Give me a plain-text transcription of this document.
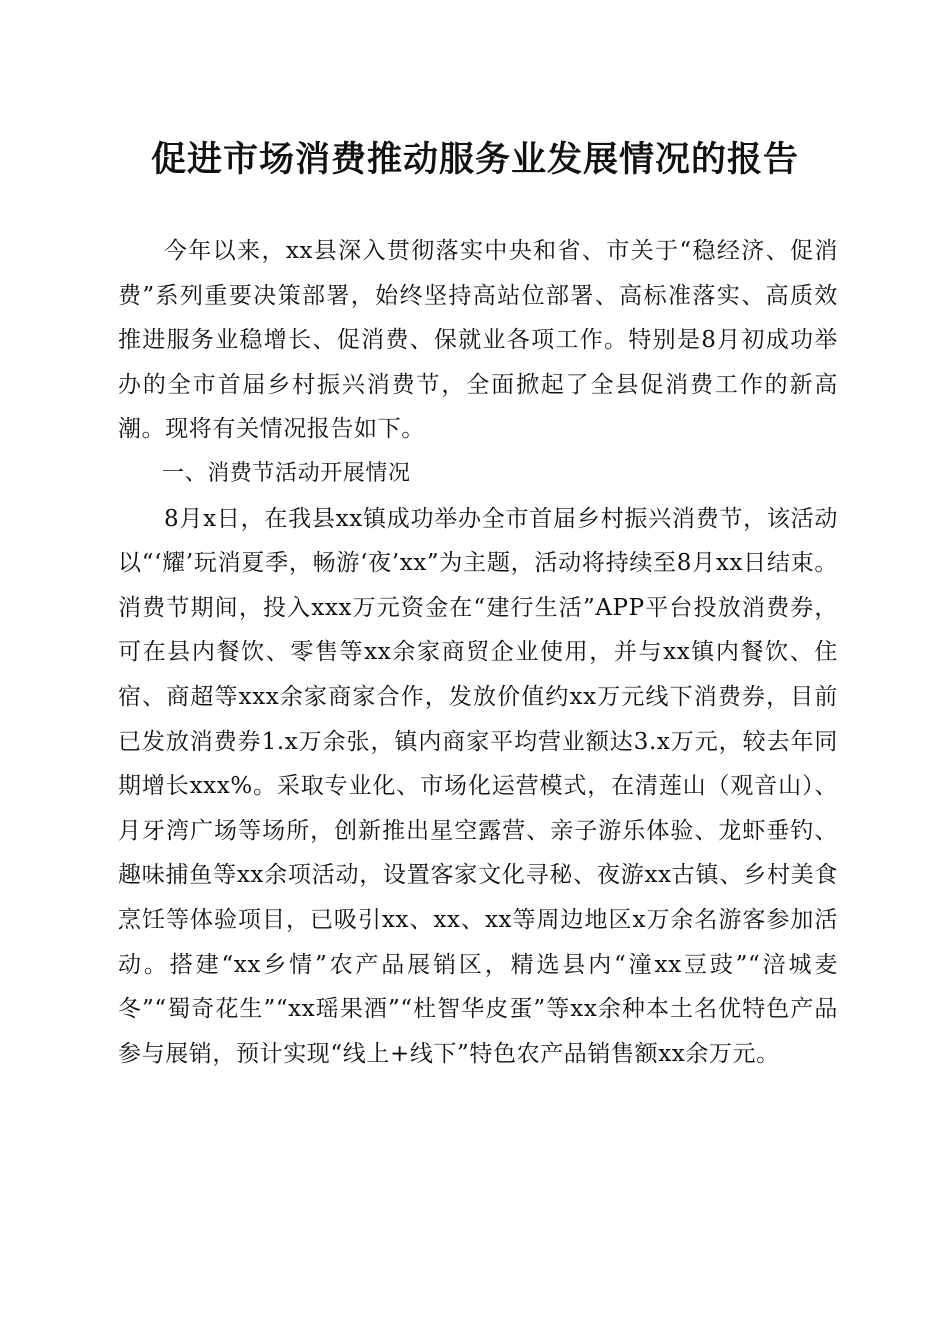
促进市场消费推动服务业发展情况的报告

今年以来，xx县深入贯彻落实中央和省、市关于“稳经济、促消费”系列重要决策部署，始终坚持高站位部署、高标准落实、高质效推进服务业稳增长、促消费、保就业各项工作。特别是8月初成功举办的全市首届乡村振兴消费节，全面掀起了全县促消费工作的新高潮。现将有关情况报告如下。

一、消费节活动开展情况

8月x日，在我县xx镇成功举办全市首届乡村振兴消费节，该活动以“‘耀’玩消夏季，畅游‘夜’xx”为主题，活动将持续至8月xx日结束。消费节期间，投入xxx万元资金在“建行生活”APP平台投放消费券，可在县内餐饮、零售等xx余家商贸企业使用，并与xx镇内餐饮、住宿、商超等xxx余家商家合作，发放价值约xx万元线下消费券，目前已发放消费券1.x万余张，镇内商家平均营业额达3.x万元，较去年同期增长xxx%。采取专业化、市场化运营模式，在清莲山（观音山）、月牙湾广场等场所，创新推出星空露营、亲子游乐体验、龙虾垂钓、趣味捕鱼等xx余项活动，设置客家文化寻秘、夜游xx古镇、乡村美食烹饪等体验项目，已吸引xx、xx、xx等周边地区x万余名游客参加活动。搭建“xx乡情”农产品展销区，精选县内“潼xx豆豉”“涪城麦冬”“蜀奇花生”“xx瑶果酒”“杜智华皮蛋”等xx余种本土名优特色产品参与展销，预计实现“线上+线下”特色农产品销售额xx余万元。
